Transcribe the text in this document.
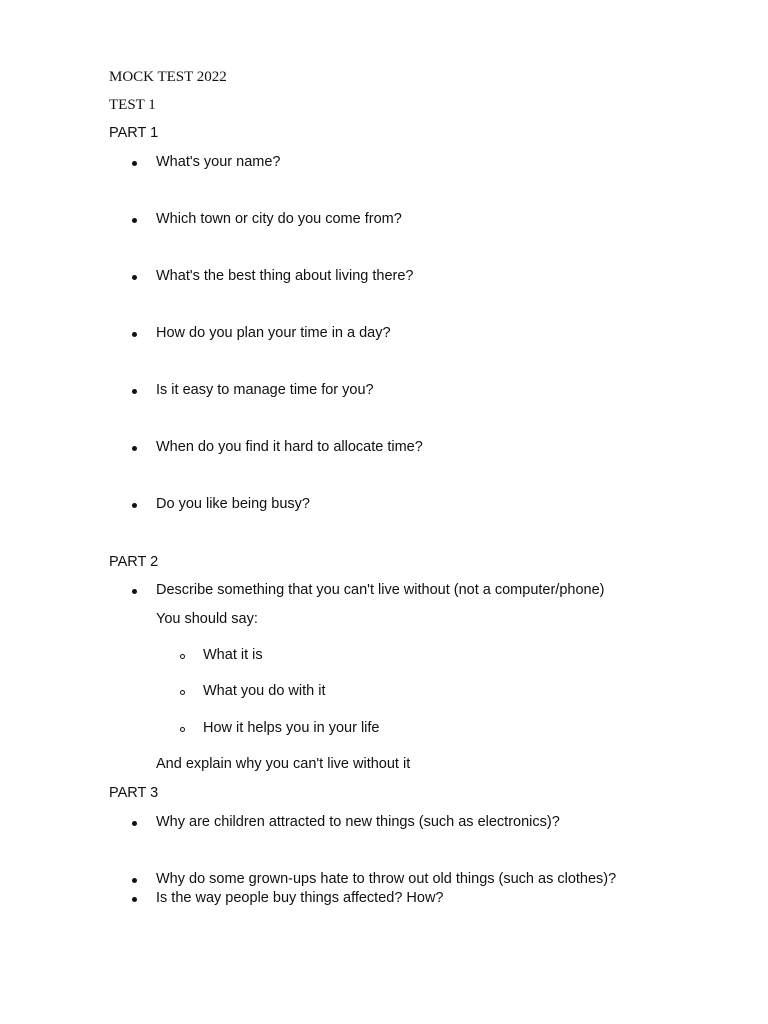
MOCK TEST 2022
TEST 1
PART 1
What's your name?
Which town or city do you come from?
What's the best thing about living there?
How do you plan your time in a day?
Is it easy to manage time for you?
When do you find it hard to allocate time?
Do you like being busy?
PART 2
Describe something that you can't live without (not a computer/phone)
You should say:
What it is
What you do with it
How it helps you in your life
And explain why you can't live without it
PART 3
Why are children attracted to new things (such as electronics)?
Why do some grown-ups hate to throw out old things (such as clothes)?
Is the way people buy things affected? How?
